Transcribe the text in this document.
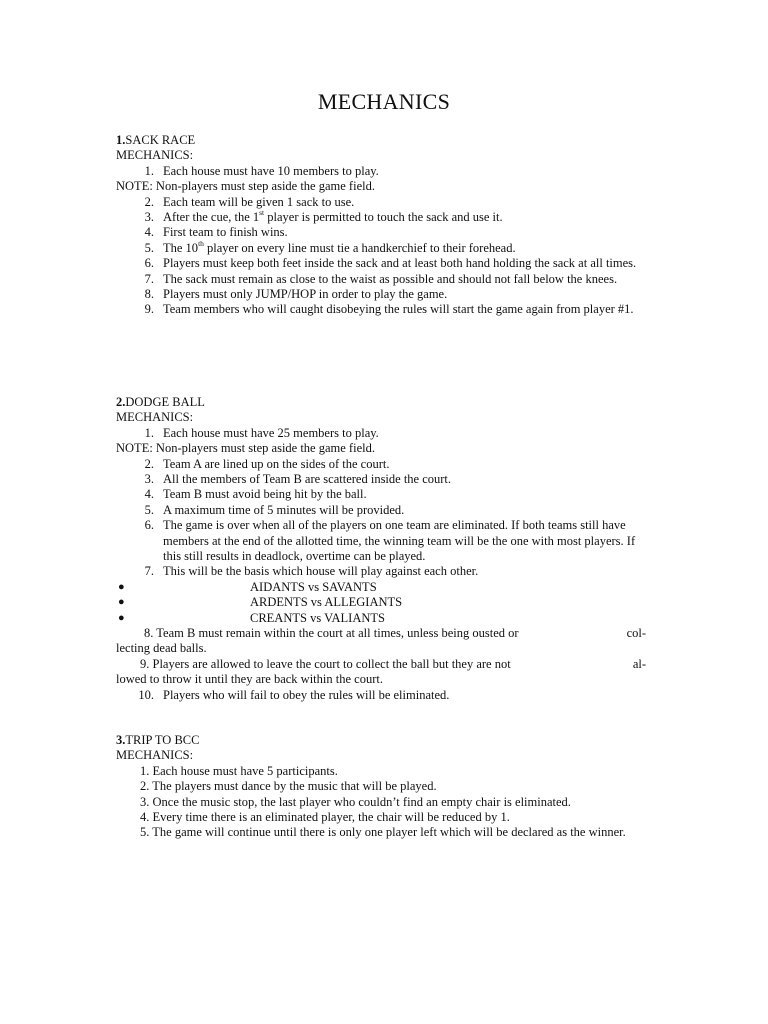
MECHANICS
1.SACK RACE
MECHANICS:
1. Each house must have 10 members to play.
NOTE: Non-players must step aside the game field.
2. Each team will be given 1 sack to use.
3. After the cue, the 1st player is permitted to touch the sack and use it.
4. First team to finish wins.
5. The 10th player on every line must tie a handkerchief to their forehead.
6. Players must keep both feet inside the sack and at least both hand holding the sack at all times.
7. The sack must remain as close to the waist as possible and should not fall below the knees.
8. Players must only JUMP/HOP in order to play the game.
9. Team members who will caught disobeying the rules will start the game again from player #1.
2.DODGE BALL
MECHANICS:
1. Each house must have 25 members to play.
NOTE: Non-players must step aside the game field.
2. Team A are lined up on the sides of the court.
3. All the members of Team B are scattered inside the court.
4. Team B must avoid being hit by the ball.
5. A maximum time of 5 minutes will be provided.
6. The game is over when all of the players on one team are eliminated. If both teams still have members at the end of the allotted time, the winning team will be the one with most players. If this still results in deadlock, overtime can be played.
7. This will be the basis which house will play against each other.
●	AIDANTS vs SAVANTS
●	ARDENTS vs ALLEGIANTS
●	CREANTS vs VALIANTS
8. Team B must remain within the court at all times, unless being ousted or	col-
lecting dead balls.
9. Players are allowed to leave the court to collect the ball but they are not	al-
lowed to throw it until they are back within the court.
10. Players who will fail to obey the rules will be eliminated.
3.TRIP TO BCC
MECHANICS:
1. Each house must have 5 participants.
2. The players must dance by the music that will be played.
3. Once the music stop, the last player who couldn’t find an empty chair is eliminated.
4. Every time there is an eliminated player, the chair will be reduced by 1.
5. The game will continue until there is only one player left which will be declared as the winner.
